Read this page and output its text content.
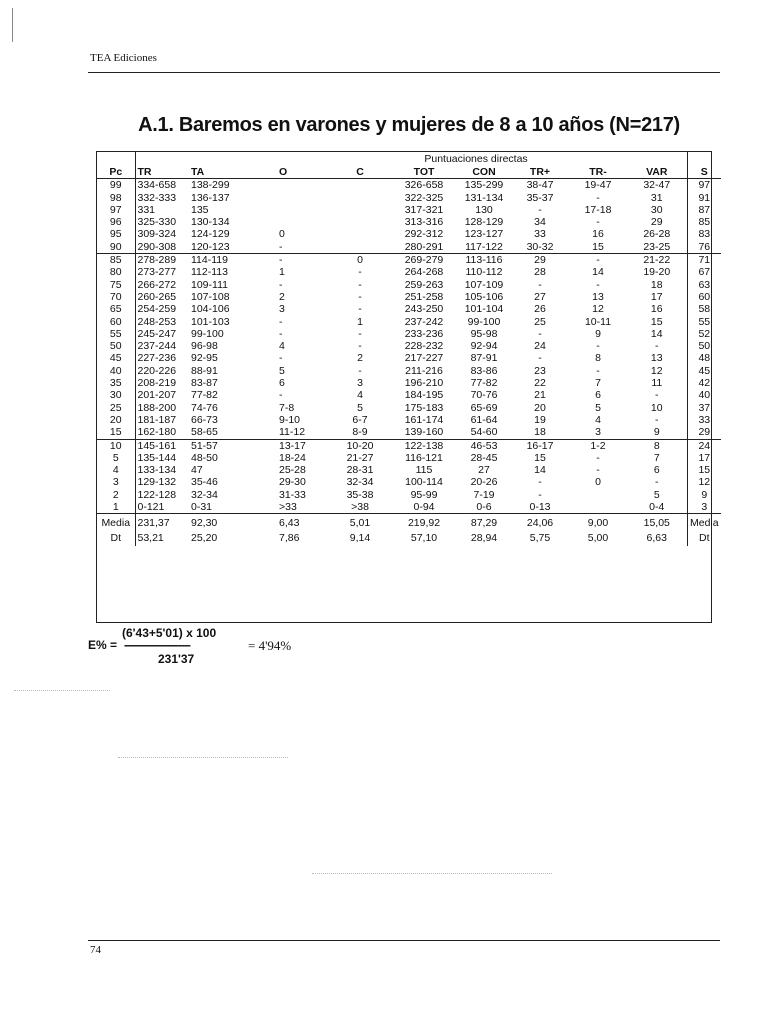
TEA Ediciones
A.1. Baremos en varones y mujeres de 8 a 10 años (N=217)
	Puntuaciones directas									
Pc	TR	TA	O	C	TOT	CON	TR+	TR-	VAR	S
99	334-658	138-299			326-658	135-299	38-47	19-47	32-47	97
98	332-333	136-137			322-325	131-134	35-37	-	31	91
97	331	135			317-321	130	-	17-18	30	87
96	325-330	130-134			313-316	128-129	34	-	29	85
95	309-324	124-129	0		292-312	123-127	33	16	26-28	83
90	290-308	120-123	-		280-291	117-122	30-32	15	23-25	76
85	278-289	114-119	-	0	269-279	113-116	29	-	21-22	71
80	273-277	112-113	1	-	264-268	110-112	28	14	19-20	67
75	266-272	109-111	-	-	259-263	107-109	-	-	18	63
70	260-265	107-108	2	-	251-258	105-106	27	13	17	60
65	254-259	104-106	3	-	243-250	101-104	26	12	16	58
60	248-253	101-103	-	1	237-242	99-100	25	10-11	15	55
55	245-247	99-100	-	-	233-236	95-98	-	9	14	52
50	237-244	96-98	4	-	228-232	92-94	24	-	-	50
45	227-236	92-95	-	2	217-227	87-91	-	8	13	48
40	220-226	88-91	5	-	211-216	83-86	23	-	12	45
35	208-219	83-87	6	3	196-210	77-82	22	7	11	42
30	201-207	77-82	-	4	184-195	70-76	21	6	-	40
25	188-200	74-76	7-8	5	175-183	65-69	20	5	10	37
20	181-187	66-73	9-10	6-7	161-174	61-64	19	4	-	33
15	162-180	58-65	11-12	8-9	139-160	54-60	18	3	9	29
10	145-161	51-57	13-17	10-20	122-138	46-53	16-17	1-2	8	24
5	135-144	48-50	18-24	21-27	116-121	28-45	15	-	7	17
4	133-134	47	25-28	28-31	115	27	14	-	6	15
3	129-132	35-46	29-30	32-34	100-114	20-26	-	0	-	12
2	122-128	32-34	31-33	35-38	95-99	7-19	-		5	9
1	0-121	0-31	>33	>38	0-94	0-6	0-13		0-4	3
Media	231,37	92,30	6,43	5,01	219,92	87,29	24,06	9,00	15,05	Media
Dt	53,21	25,20	7,86	9,14	57,10	28,94	5,75	5,00	6,63	Dt
(6'43+5'01) x 100
E% = ----------------------	= 4'94%
231'37
74
